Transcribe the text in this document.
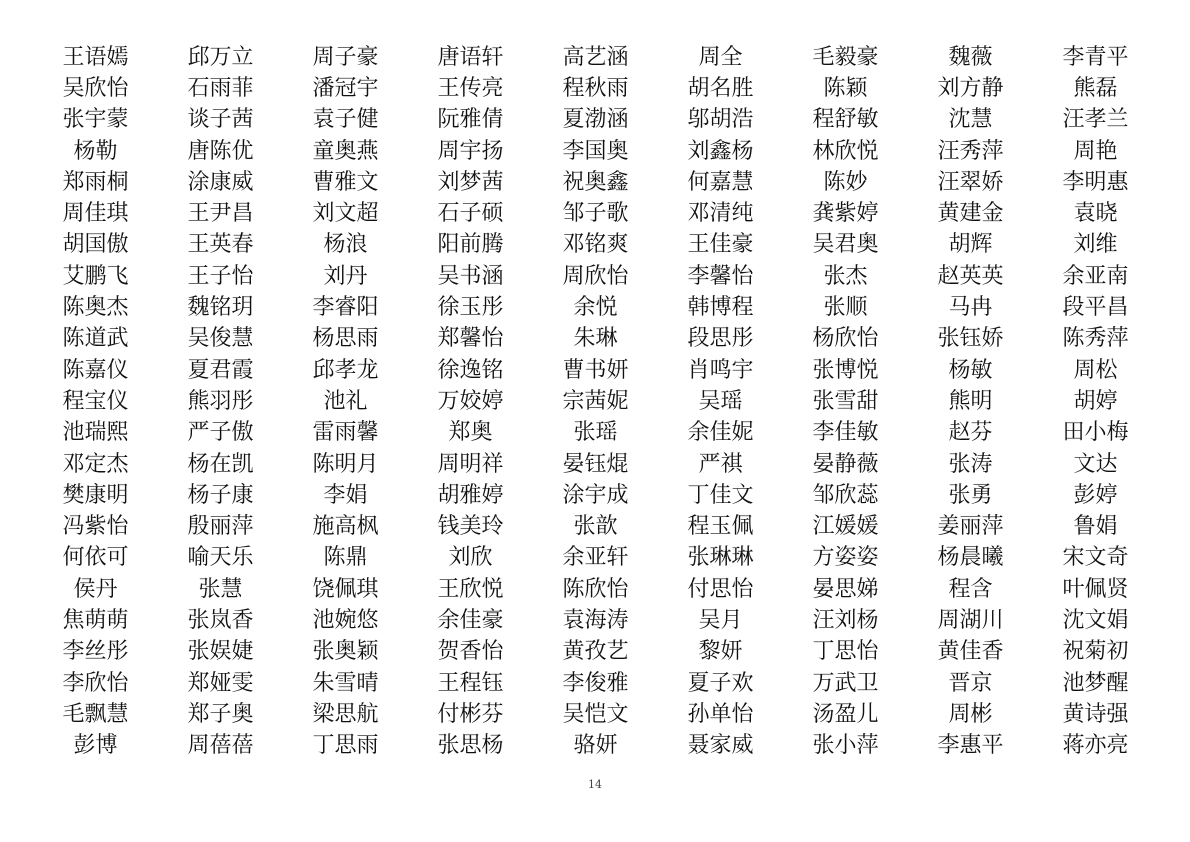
王语嫣	邱万立	周子豪	唐语轩	高艺涵	周全	毛毅豪	魏薇	李青平
吴欣怡	石雨菲	潘冠宇	王传亮	程秋雨	胡名胜	陈颖	刘方静	熊磊
张宇蒙	谈子茜	袁子健	阮雅倩	夏渤涵	邬胡浩	程舒敏	沈慧	汪孝兰
杨勒	唐陈优	童奥燕	周宇扬	李国奥	刘鑫杨	林欣悦	汪秀萍	周艳
郑雨桐	涂康威	曹雅文	刘梦茜	祝奥鑫	何嘉慧	陈妙	汪翠娇	李明惠
周佳琪	王尹昌	刘文超	石子硕	邹子歌	邓清纯	龚紫婷	黄建金	袁晓
胡国傲	王英春	杨浪	阳前腾	邓铭爽	王佳豪	吴君奥	胡辉	刘维
艾鹏飞	王子怡	刘丹	吴书涵	周欣怡	李馨怡	张杰	赵英英	余亚南
陈奥杰	魏铭玥	李睿阳	徐玉彤	余悦	韩博程	张顺	马冉	段平昌
陈道武	吴俊慧	杨思雨	郑馨怡	朱琳	段思彤	杨欣怡	张钰娇	陈秀萍
陈嘉仪	夏君霞	邱孝龙	徐逸铭	曹书妍	肖鸣宇	张博悦	杨敏	周松
程宝仪	熊羽彤	池礼	万姣婷	宗茜妮	吴瑶	张雪甜	熊明	胡婷
池瑞熙	严子傲	雷雨馨	郑奥	张瑶	余佳妮	李佳敏	赵芬	田小梅
邓定杰	杨在凯	陈明月	周明祥	晏钰焜	严祺	晏静薇	张涛	文达
樊康明	杨子康	李娟	胡雅婷	涂宇成	丁佳文	邹欣蕊	张勇	彭婷
冯紫怡	殷丽萍	施高枫	钱美玲	张歆	程玉佩	江媛媛	姜丽萍	鲁娟
何依可	喻天乐	陈鼎	刘欣	余亚轩	张琳琳	方姿姿	杨晨曦	宋文奇
侯丹	张慧	饶佩琪	王欣悦	陈欣怡	付思怡	晏思娣	程含	叶佩贤
焦萌萌	张岚香	池婉悠	余佳豪	袁海涛	吴月	汪刘杨	周湖川	沈文娟
李丝彤	张娱婕	张奥颖	贺香怡	黄孜艺	黎妍	丁思怡	黄佳香	祝菊初
李欣怡	郑娅雯	朱雪晴	王程钰	李俊雅	夏子欢	万武卫	晋京	池梦醒
毛飘慧	郑子奥	梁思航	付彬芬	吴恺文	孙单怡	汤盈儿	周彬	黄诗强
彭博	周蓓蓓	丁思雨	张思杨	骆妍	聂家威	张小萍	李惠平	蒋亦亮
14
